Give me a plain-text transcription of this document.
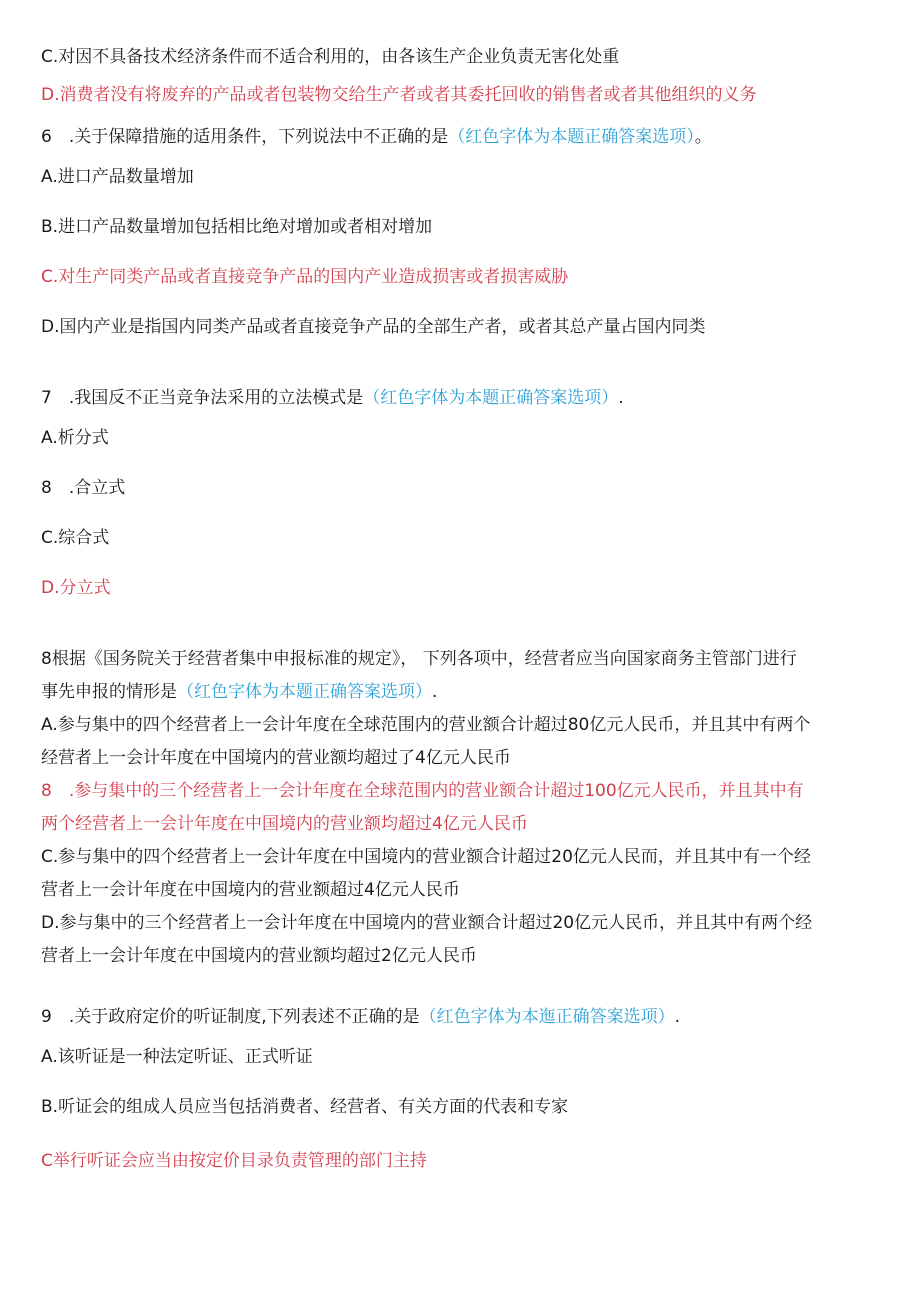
C.对因不具备技术经济条件而不适合利用的，由各该生产企业负责无害化处重
D.消费者没有将废弃的产品或者包装物交给生产者或者其委托回收的销售者或者其他组织的义务
6　.关于保障措施的适用条件，下列说法中不正确的是（红色字体为本题正确答案选项）。
A.进口产品数量增加
B.进口产品数量增加包括相比绝对增加或者相对增加
C.对生产同类产品或者直接竞争产品的国内产业造成损害或者损害威胁
D.国内产业是指国内同类产品或者直接竞争产品的全部生产者，或者其总产量占国内同类
7　.我国反不正当竞争法采用的立法模式是（红色字体为本题正确答案选项）.
A.析分式
8　.合立式
C.综合式
D.分立式
8根据《国务院关于经营者集中申报标准的规定》， 下列各项中，经营者应当向国家商务主管部门进行
事先申报的情形是（红色字体为本题正确答案选项）.
A.参与集中的四个经营者上一会计年度在全球范围内的营业额合计超过80亿元人民币，并且其中有两个
经营者上一会计年度在中国境内的营业额均超过了4亿元人民币
8　.参与集中的三个经营者上一会计年度在全球范围内的营业额合计超过100亿元人民币，并且其中有
两个经营者上一会计年度在中国境内的营业额均超过4亿元人民币
C.参与集中的四个经营者上一会计年度在中国境内的营业额合计超过20亿元人民而，并且其中有一个经
营者上一会计年度在中国境内的营业额超过4亿元人民币
D.参与集中的三个经营者上一会计年度在中国境内的营业额合计超过20亿元人民币，并且其中有两个经
营者上一会计年度在中国境内的营业额均超过2亿元人民币
9　.关于政府定价的听证制度,下列表述不正确的是（红色字体为本迤正确答案选项）.
A.该听证是一种法定听证、正式听证
B.听证会的组成人员应当包括消费者、经营者、有关方面的代表和专家
C举行听证会应当由按定价目录负责管理的部门主持
